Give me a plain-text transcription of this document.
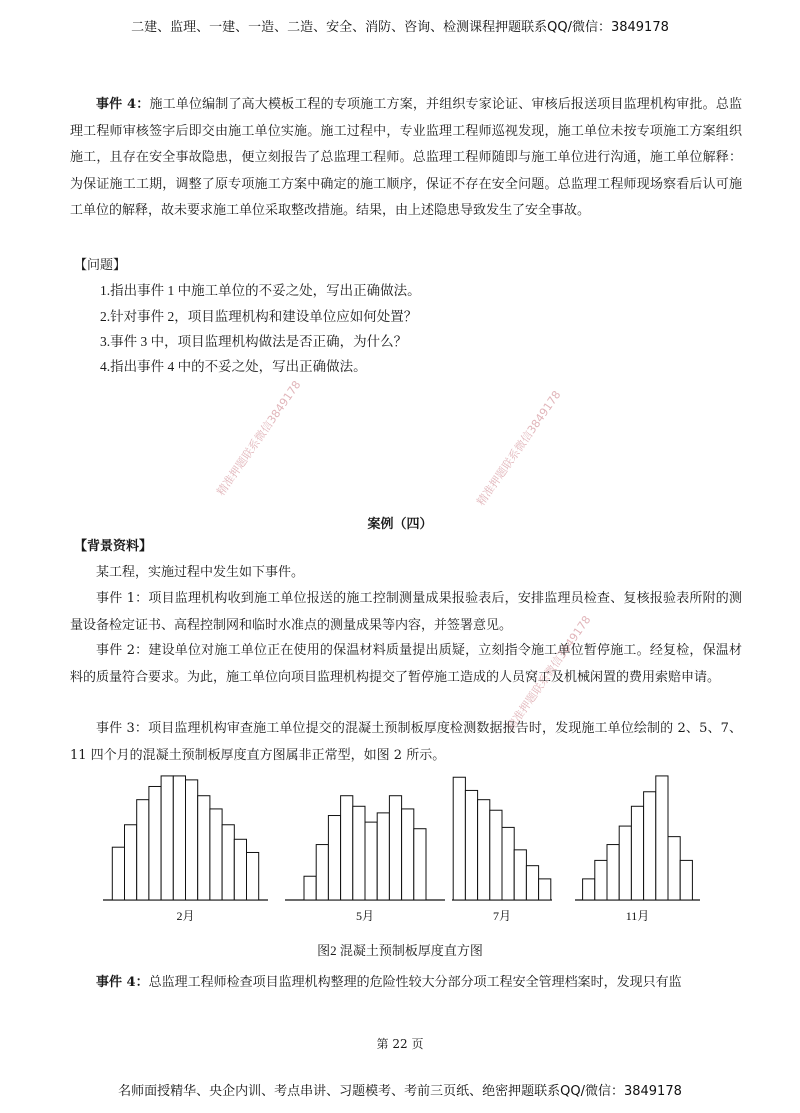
二建、监理、一建、一造、二造、安全、消防、咨询、检测课程押题联系QQ/微信：3849178

事件 4：施工单位编制了高大模板工程的专项施工方案，并组织专家论证、审核后报送项目监理机构审批。总监理工程师审核签字后即交由施工单位实施。施工过程中，专业监理工程师巡视发现，施工单位未按专项施工方案组织施工，且存在安全事故隐患，便立刻报告了总监理工程师。总监理工程师随即与施工单位进行沟通，施工单位解释：为保证施工工期，调整了原专项施工方案中确定的施工顺序，保证不存在安全问题。总监理工程师现场察看后认可施工单位的解释，故未要求施工单位采取整改措施。结果，由上述隐患导致发生了安全事故。

【问题】
1.指出事件 1 中施工单位的不妥之处，写出正确做法。
2.针对事件 2，项目监理机构和建设单位应如何处置？
3.事件 3 中，项目监理机构做法是否正确，为什么？
4.指出事件 4 中的不妥之处，写出正确做法。
精准押题联系微信3849178	精准押题联系微信3849178
精准押题联系微信3849178
案例（四）
【背景资料】

某工程，实施过程中发生如下事件。

事件 1：项目监理机构收到施工单位报送的施工控制测量成果报验表后，安排监理员检查、复核报验表所附的测量设备检定证书、高程控制网和临时水准点的测量成果等内容，并签署意见。

事件 2：建设单位对施工单位正在使用的保温材料质量提出质疑，立刻指令施工单位暂停施工。经复检，保温材料的质量符合要求。为此，施工单位向项目监理机构提交了暂停施工造成的人员窝工及机械闲置的费用索赔申请。

事件 3：项目监理机构审查施工单位提交的混凝土预制板厚度检测数据报告时，发现施工单位绘制的 2、5、7、11 四个月的混凝土预制板厚度直方图属非正常型，如图 2 所示。

2月	5月	7月	11月
图2 混凝土预制板厚度直方图

事件 4：总监理工程师检查项目监理机构整理的危险性较大分部分项工程安全管理档案时，发现只有监

第 22 页
名师面授精华、央企内训、考点串讲、习题模考、考前三页纸、绝密押题联系QQ/微信：3849178
